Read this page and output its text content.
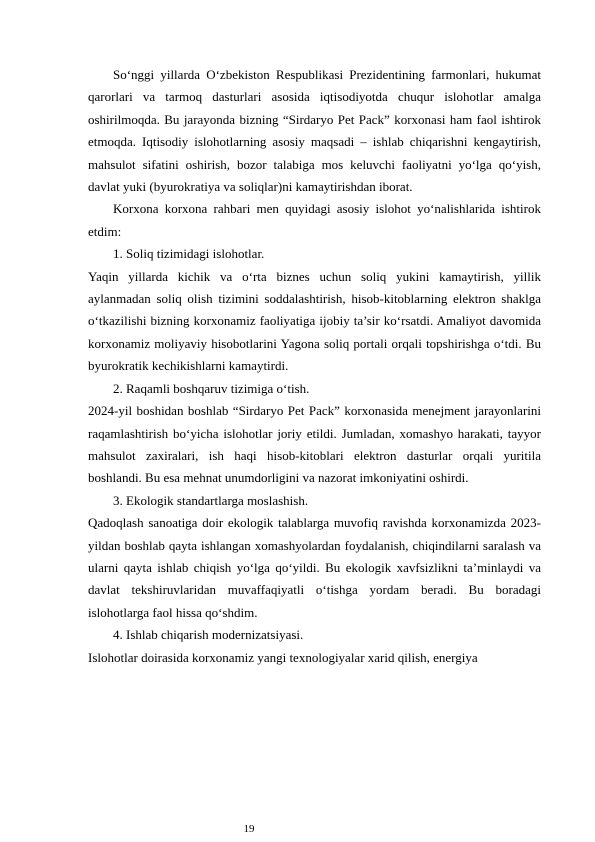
So‘nggi yillarda O‘zbekiston Respublikasi Prezidentining farmonlari, hukumat qarorlari va tarmoq dasturlari asosida iqtisodiyotda chuqur islohotlar amalga oshirilmoqda. Bu jarayonda bizning “Sirdaryo Pet Pack” korxonasi ham faol ishtirok etmoqda. Iqtisodiy islohotlarning asosiy maqsadi – ishlab chiqarishni kengaytirish, mahsulot sifatini oshirish, bozor talabiga mos keluvchi faoliyatni yo‘lga qo‘yish, davlat yuki (byurokratiya va soliqlar)ni kamaytirishdan iborat.

Korxona korxona rahbari men quyidagi asosiy islohot yo‘nalishlarida ishtirok etdim:

1. Soliq tizimidagi islohotlar.

Yaqin yillarda kichik va o‘rta biznes uchun soliq yukini kamaytirish, yillik aylanmadan soliq olish tizimini soddalashtirish, hisob-kitoblarning elektron shaklga o‘tkazilishi bizning korxonamiz faoliyatiga ijobiy ta’sir ko‘rsatdi. Amaliyot davomida korxonamiz moliyaviy hisobotlarini Yagona soliq portali orqali topshirishga o‘tdi. Bu byurokratik kechikishlarni kamaytirdi.

2. Raqamli boshqaruv tizimiga o‘tish.

2024-yil boshidan boshlab “Sirdaryo Pet Pack” korxonasida menejment jarayonlarini raqamlashtirish bo‘yicha islohotlar joriy etildi. Jumladan, xomashyo harakati, tayyor mahsulot zaxiralari, ish haqi hisob-kitoblari elektron dasturlar orqali yuritila boshlandi. Bu esa mehnat unumdorligini va nazorat imkoniyatini oshirdi.

3. Ekologik standartlarga moslashish.

Qadoqlash sanoatiga doir ekologik talablarga muvofiq ravishda korxonamizda 2023-yildan boshlab qayta ishlangan xomashyolardan foydalanish, chiqindilarni saralash va ularni qayta ishlab chiqish yo‘lga qo‘yildi. Bu ekologik xavfsizlikni ta’minlaydi va davlat tekshiruvlaridan muvaffaqiyatli o‘tishga yordam beradi. Bu boradagi islohotlarga faol hissa qo‘shdim.

4. Ishlab chiqarish modernizatsiyasi.

Islohotlar doirasida korxonamiz yangi texnologiyalar xarid qilish, energiya

19
